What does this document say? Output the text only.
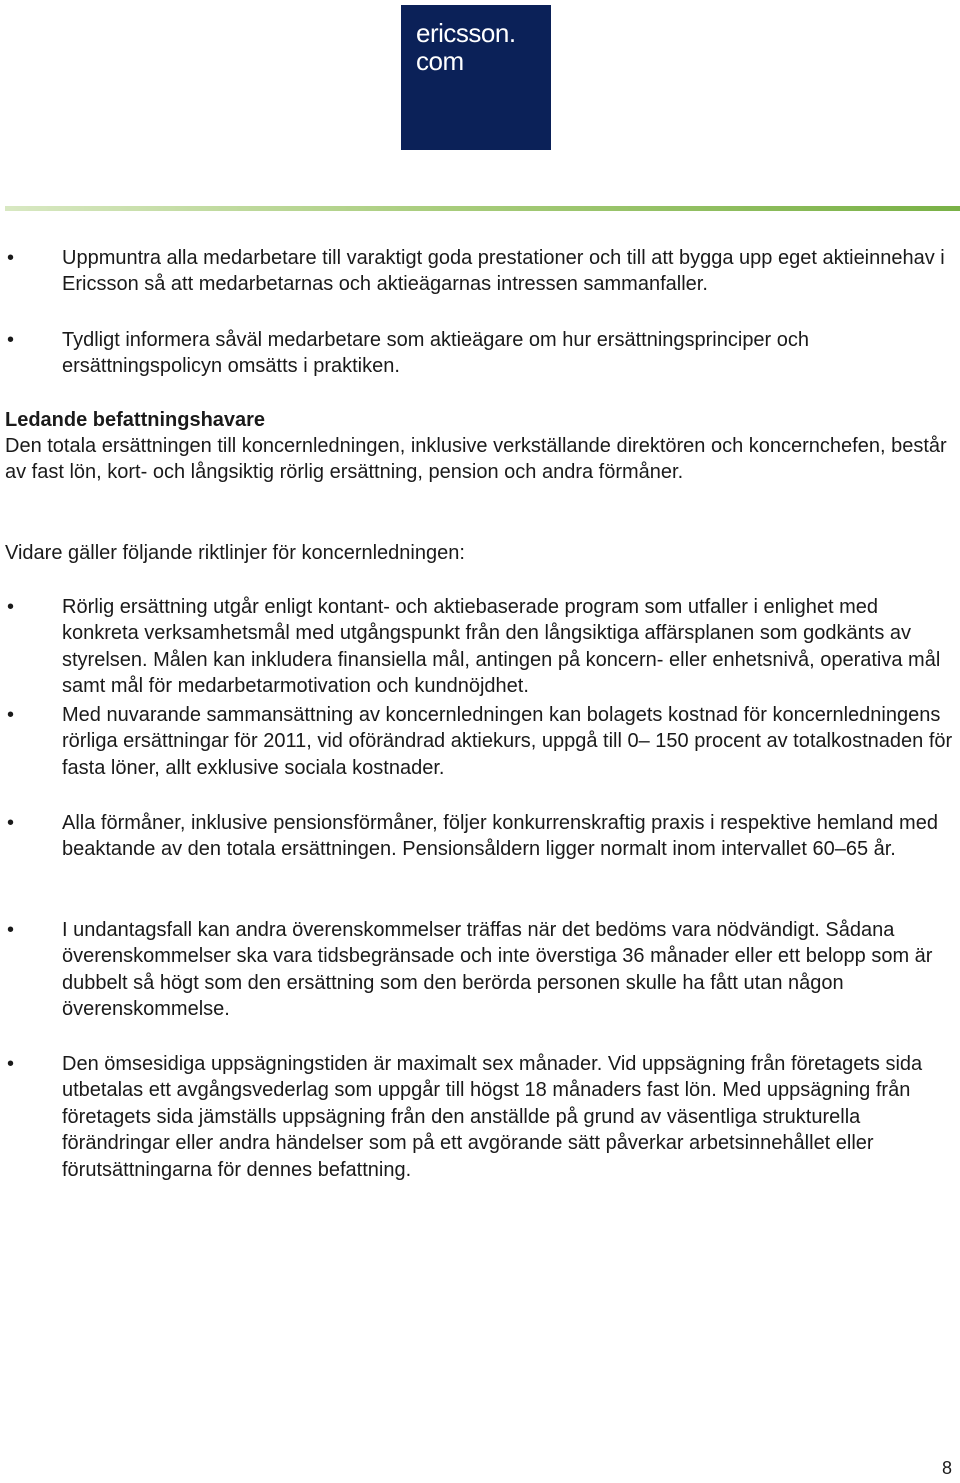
ericsson.
com
•	Uppmuntra alla medarbetare till varaktigt goda prestationer och till att bygga upp eget aktieinnehav i Ericsson så att medarbetarnas och aktieägarnas intressen sammanfaller.

•	Tydligt informera såväl medarbetare som aktieägare om hur ersättningsprinciper och ersättningspolicyn omsätts i praktiken.

Ledande befattningshavare

Den totala ersättningen till koncernledningen, inklusive verkställande direktören och koncernchefen, består av fast lön, kort- och långsiktig rörlig ersättning, pension och andra förmåner.

Vidare gäller följande riktlinjer för koncernledningen:

•	Rörlig ersättning utgår enligt kontant- och aktiebaserade program som utfaller i enlighet med konkreta verksamhetsmål med utgångspunkt från den långsiktiga affärsplanen som godkänts av styrelsen. Målen kan inkludera finansiella mål, antingen på koncern- eller enhetsnivå, operativa mål samt mål för medarbetarmotivation och kundnöjdhet.

•	Med nuvarande sammansättning av koncernledningen kan bolagets kostnad för koncernledningens rörliga ersättningar för 2011, vid oförändrad aktiekurs, uppgå till 0– 150 procent av totalkostnaden för fasta löner, allt exklusive sociala kostnader.

•	Alla förmåner, inklusive pensionsförmåner, följer konkurrenskraftig praxis i respektive hemland med beaktande av den totala ersättningen. Pensionsåldern ligger normalt inom intervallet 60–65 år.

•	I undantagsfall kan andra överenskommelser träffas när det bedöms vara nödvändigt. Sådana överenskommelser ska vara tidsbegränsade och inte överstiga 36 månader eller ett belopp som är dubbelt så högt som den ersättning som den berörda personen skulle ha fått utan någon överenskommelse.

•	Den ömsesidiga uppsägningstiden är maximalt sex månader. Vid uppsägning från företagets sida utbetalas ett avgångsvederlag som uppgår till högst 18 månaders fast lön. Med uppsägning från företagets sida jämställs uppsägning från den anställde på grund av väsentliga strukturella förändringar eller andra händelser som på ett avgörande sätt påverkar arbetsinnehållet eller förutsättningarna för dennes befattning.

8
